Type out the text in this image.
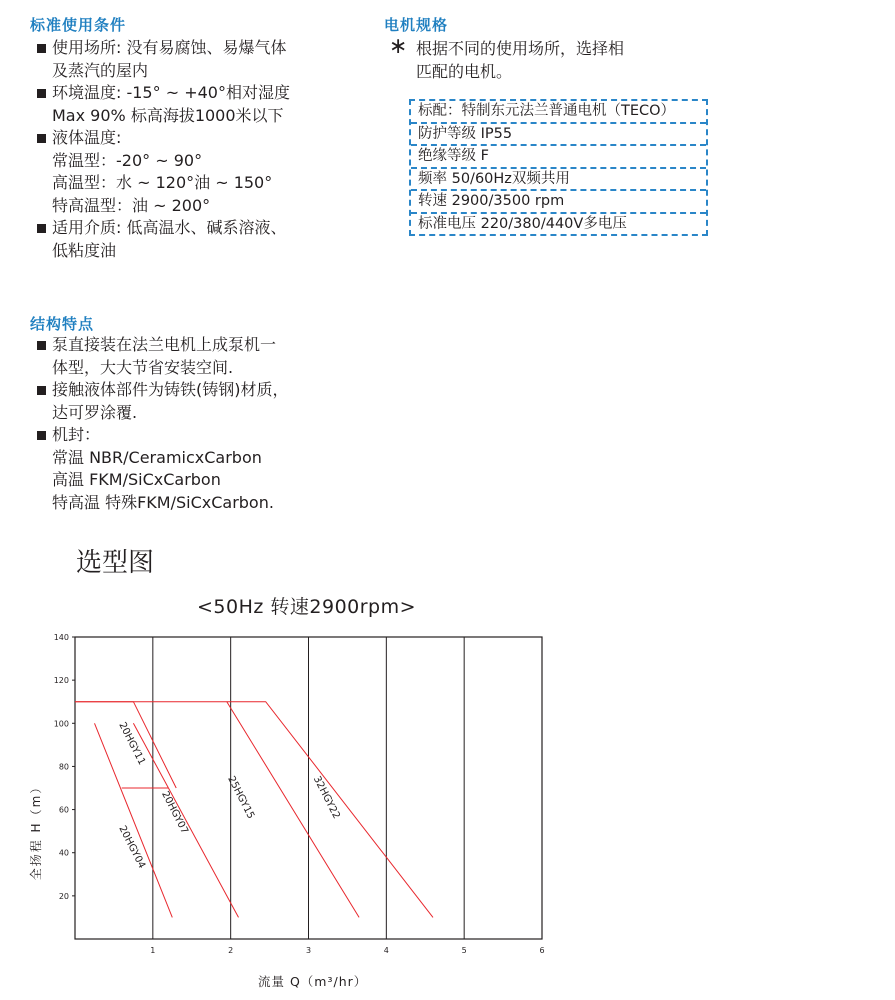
标准使用条件
使用场所: 没有易腐蚀、易爆气体
及蒸汽的屋内
环境温度: -15° ~ +40°相对湿度
Max 90% 标高海拔1000米以下
液体温度:
常温型：-20° ~ 90°
高温型：水 ~ 120°油 ~ 150°
特高温型：油 ~ 200°
适用介质: 低高温水、碱系溶液、
低粘度油
结构特点
泵直接装在法兰电机上成泵机一
体型，大大节省安装空间.
接触液体部件为铸铁(铸钢)材质，
达可罗涂覆.
机封：
常温 NBR/CeramicxCarbon
高温 FKM/SiCxCarbon
特高温 特殊FKM/SiCxCarbon.
电机规格
∗ 根据不同的使用场所，选择相
匹配的电机。
标配：特制东元法兰普通电机（TECO）
防护等级 IP55
绝缘等级 F
频率 50/60Hz双频共用
转速 2900/3500 rpm
标准电压 220/380/440V多电压
选型图
<50Hz 转速2900rpm>
1	2	3	4	5	6
20
40
60
80
100
120
140
20HGY11
20HGY07
20HGY04
25HGY15	32HGY22
全扬程 H（m）
流量 Q（m³/hr）
